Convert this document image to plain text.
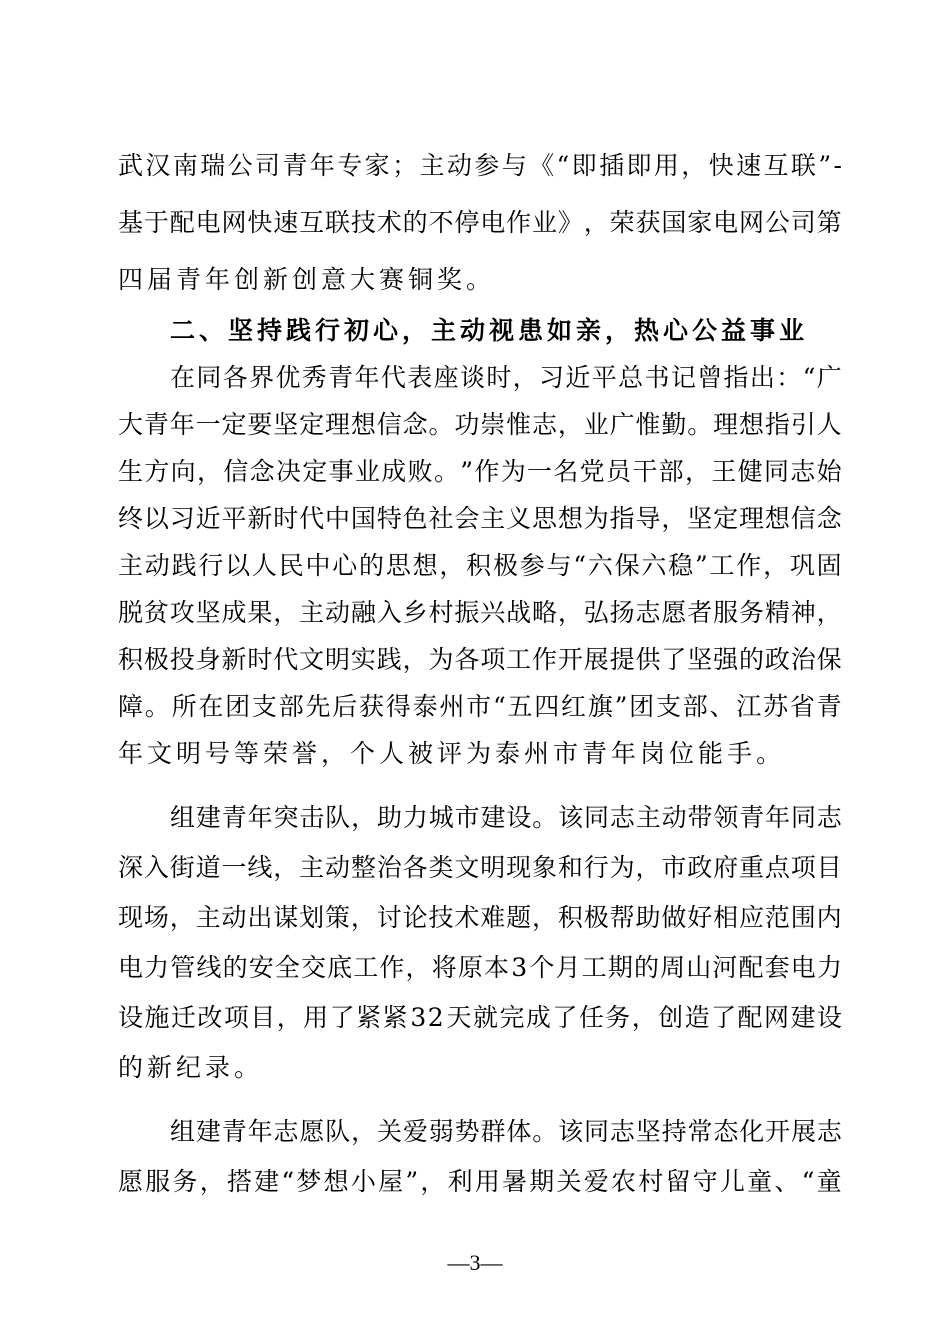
武 汉 南 瑞 公 司 青 年 专 家 ； 主 动 参 与 《 “ 即 插 即 用 ， 快 速 互 联 ” -
基 于 配 电 网 快 速 互 联 技 术 的 不 停 电 作 业 》 ， 荣 获 国 家 电 网 公 司 第
四届青年创新创意大赛铜奖。
二、坚持践行初心，主动视患如亲，热心公益事业
在 同 各 界 优 秀 青 年 代 表 座 谈 时 ， 习 近 平 总 书 记 曾 指 出 ： “ 广
大 青 年 一 定 要 坚 定 理 想 信 念 。 功 崇 惟 志 ， 业 广 惟 勤 。 理 想 指 引 人
生 方 向 ， 信 念 决 定 事 业 成 败 。 ” 作 为 一 名 党 员 干 部 ， 王 健 同 志 始
终 以 习 近 平 新 时 代 中 国 特 色 社 会 主 义 思 想 为 指 导 ， 坚 定 理 想 信 念
主 动 践 行 以 人 民 中 心 的 思 想 ， 积 极 参 与 “ 六 保 六 稳 ” 工 作 ， 巩 固
脱 贫 攻 坚 成 果 ， 主 动 融 入 乡 村 振 兴 战 略 ， 弘 扬 志 愿 者 服 务 精 神 ，
积 极 投 身 新 时 代 文 明 实 践 ， 为 各 项 工 作 开 展 提 供 了 坚 强 的 政 治 保
障 。 所 在 团 支 部 先 后 获 得 泰 州 市 “ 五 四 红 旗 ” 团 支 部 、 江 苏 省 青
年文明号等荣誉，个人被评为泰州市青年岗位能手。
组 建 青 年 突 击 队 ， 助 力 城 市 建 设 。 该 同 志 主 动 带 领 青 年 同 志
深 入 街 道 一 线 ， 主 动 整 治 各 类 文 明 现 象 和 行 为 ， 市 政 府 重 点 项 目
现 场 ， 主 动 出 谋 划 策 ， 讨 论 技 术 难 题 ， 积 极 帮 助 做 好 相 应 范 围 内
电 力 管 线 的 安 全 交 底 工 作 ， 将 原 本 3 个 月 工 期 的 周 山 河 配 套 电 力
设 施 迁 改 项 目 ， 用 了 紧 紧 3 2 天 就 完 成 了 任 务 ， 创 造 了 配 网 建 设
的新纪录。
组 建 青 年 志 愿 队 ， 关 爱 弱 势 群 体 。 该 同 志 坚 持 常 态 化 开 展 志
愿 服 务 ， 搭 建 “ 梦 想 小 屋 ” ， 利 用 暑 期 关 爱 农 村 留 守 儿 童 、 “ 童
—3—
